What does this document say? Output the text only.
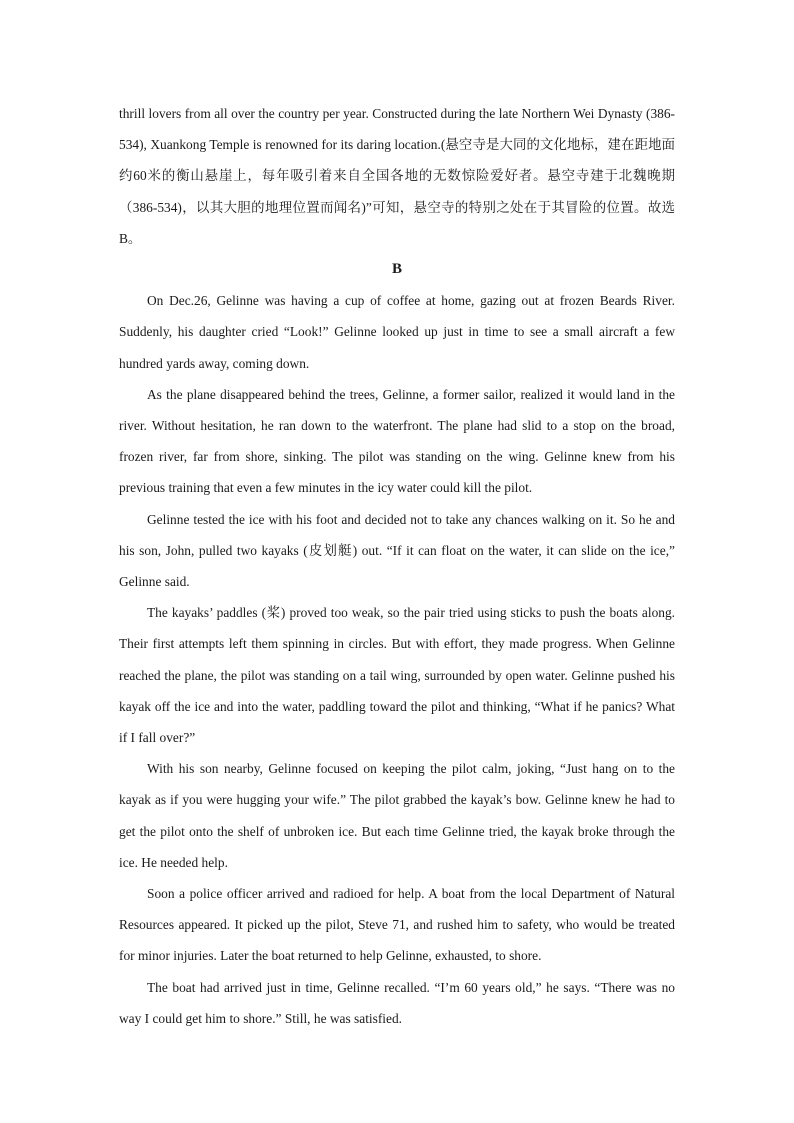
thrill lovers from all over the country per year. Constructed during the late Northern Wei Dynasty (386-534), Xuankong Temple is renowned for its daring location.(悬空寺是大同的文化地标，建在距地面约60米的衡山悬崖上，每年吸引着来自全国各地的无数惊险爱好者。悬空寺建于北魏晚期（386-534)，以其大胆的地理位置而闻名)”可知，悬空寺的特别之处在于其冒险的位置。故选B。

B

On Dec.26, Gelinne was having a cup of coffee at home, gazing out at frozen Beards River. Suddenly, his daughter cried “Look!” Gelinne looked up just in time to see a small aircraft a few hundred yards away, coming down.

As the plane disappeared behind the trees, Gelinne, a former sailor, realized it would land in the river. Without hesitation, he ran down to the waterfront. The plane had slid to a stop on the broad, frozen river, far from shore, sinking. The pilot was standing on the wing. Gelinne knew from his previous training that even a few minutes in the icy water could kill the pilot.

Gelinne tested the ice with his foot and decided not to take any chances walking on it. So he and his son, John, pulled two kayaks (皮划艇) out. “If it can float on the water, it can slide on the ice,” Gelinne said.

The kayaks’ paddles (桨) proved too weak, so the pair tried using sticks to push the boats along. Their first attempts left them spinning in circles. But with effort, they made progress. When Gelinne reached the plane, the pilot was standing on a tail wing, surrounded by open water. Gelinne pushed his kayak off the ice and into the water, paddling toward the pilot and thinking, “What if he panics? What if I fall over?”

With his son nearby, Gelinne focused on keeping the pilot calm, joking, “Just hang on to the kayak as if you were hugging your wife.” The pilot grabbed the kayak’s bow. Gelinne knew he had to get the pilot onto the shelf of unbroken ice. But each time Gelinne tried, the kayak broke through the ice. He needed help.

Soon a police officer arrived and radioed for help. A boat from the local Department of Natural Resources appeared. It picked up the pilot, Steve 71, and rushed him to safety, who would be treated for minor injuries. Later the boat returned to help Gelinne, exhausted, to shore.

The boat had arrived just in time, Gelinne recalled. “I’m 60 years old,” he says. “There was no way I could get him to shore.” Still, he was satisfied.
